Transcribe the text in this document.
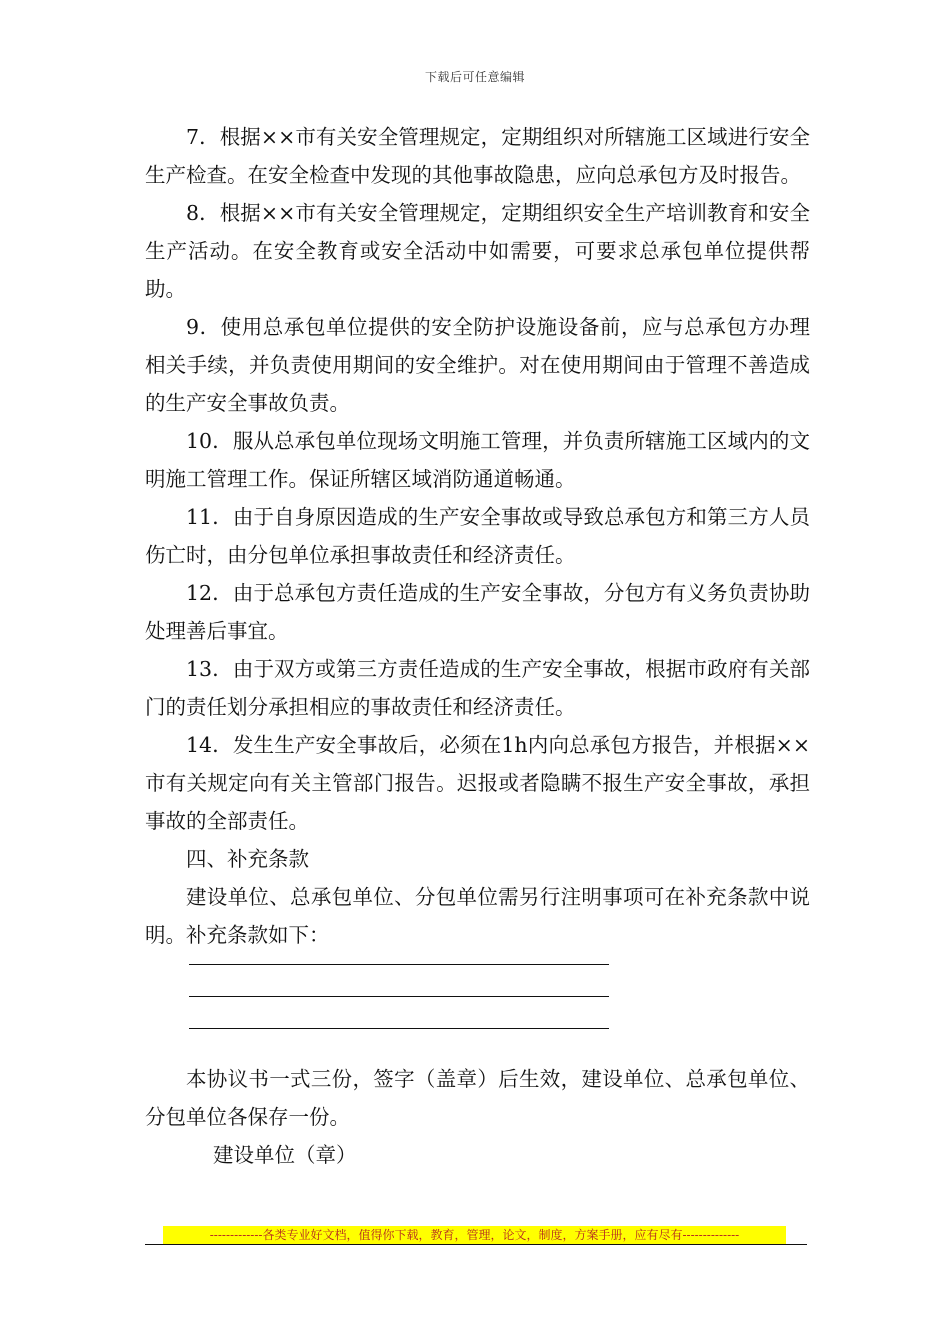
下载后可任意编辑

7．根据××市有关安全管理规定，定期组织对所辖施工区域进行安全生产检查。在安全检查中发现的其他事故隐患，应向总承包方及时报告。

8．根据××市有关安全管理规定，定期组织安全生产培训教育和安全生产活动。在安全教育或安全活动中如需要，可要求总承包单位提供帮助。

9．使用总承包单位提供的安全防护设施设备前，应与总承包方办理相关手续，并负责使用期间的安全维护。对在使用期间由于管理不善造成的生产安全事故负责。

10．服从总承包单位现场文明施工管理，并负责所辖施工区域内的文明施工管理工作。保证所辖区域消防通道畅通。

11．由于自身原因造成的生产安全事故或导致总承包方和第三方人员伤亡时，由分包单位承担事故责任和经济责任。

12．由于总承包方责任造成的生产安全事故，分包方有义务负责协助处理善后事宜。

13．由于双方或第三方责任造成的生产安全事故，根据市政府有关部门的责任划分承担相应的事故责任和经济责任。

14．发生生产安全事故后，必须在1h内向总承包方报告，并根据××市有关规定向有关主管部门报告。迟报或者隐瞒不报生产安全事故，承担事故的全部责任。

四、补充条款

建设单位、总承包单位、分包单位需另行注明事项可在补充条款中说明。补充条款如下：

本协议书一式三份，签字（盖章）后生效，建设单位、总承包单位、分包单位各保存一份。

建设单位（章）

-------------各类专业好文档，值得你下载，教育，管理，论文，制度，方案手册，应有尽有--------------
